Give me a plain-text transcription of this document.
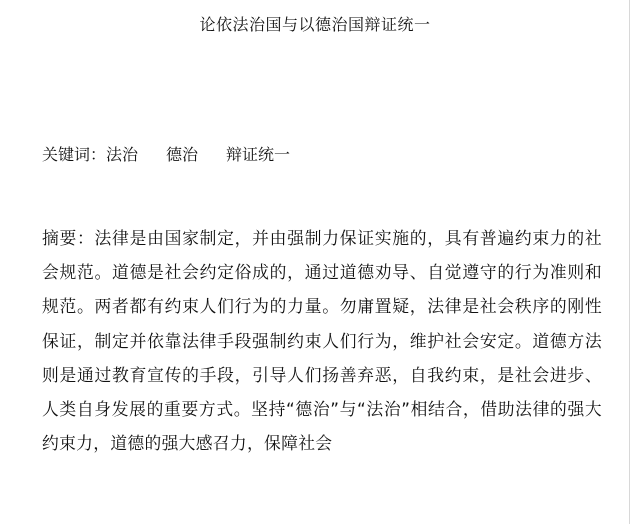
论依法治国与以德治国辩证统一
关键词：法治 德治 辩证统一
摘要：法律是由国家制定，并由强制力保证实施的，具有普遍约束力的社会规范。道德是社会约定俗成的，通过道德劝导、自觉遵守的行为准则和规范。两者都有约束人们行为的力量。勿庸置疑，法律是社会秩序的刚性保证，制定并依靠法律手段强制约束人们行为，维护社会安定。道德方法则是通过教育宣传的手段，引导人们扬善弃恶，自我约束，是社会进步、人类自身发展的重要方式。坚持“德治”与“法治”相结合，借助法律的强大约束力，道德的强大感召力，保障社会
